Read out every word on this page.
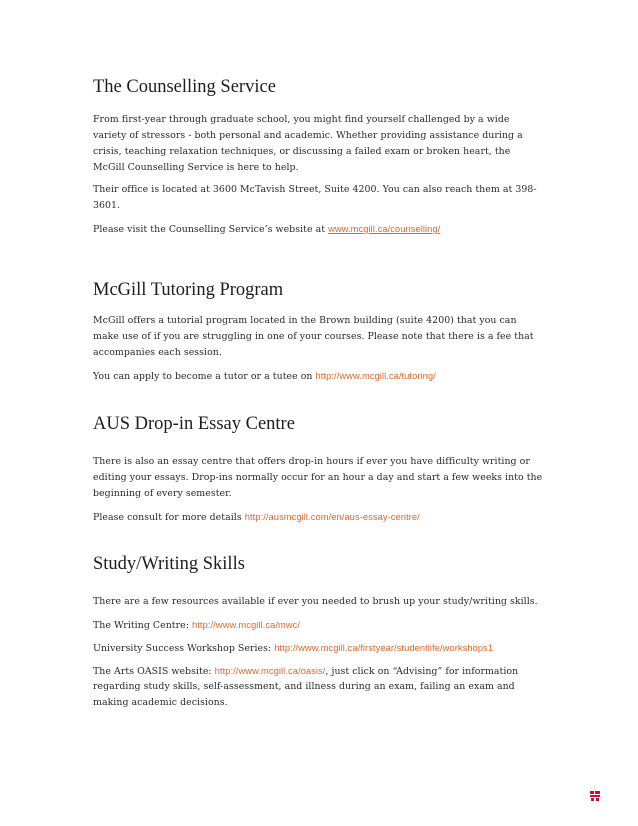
The Counselling Service

From first-year through graduate school, you might find yourself challenged by a wide

variety of stressors - both personal and academic. Whether providing assistance during a

crisis, teaching relaxation techniques, or discussing a failed exam or broken heart, the

McGill Counselling Service is here to help.

Their office is located at 3600 McTavish Street, Suite 4200. You can also reach them at 398-

3601.

Please visit the Counselling Service’s website at www.mcgill.ca/counselling/

McGill Tutoring Program

McGill offers a tutorial program located in the Brown building (suite 4200) that you can

make use of if you are struggling in one of your courses. Please note that there is a fee that

accompanies each session.

You can apply to become a tutor or a tutee on http://www.mcgill.ca/tutoring/

AUS Drop-in Essay Centre

There is also an essay centre that offers drop-in hours if ever you have difficulty writing or

editing your essays. Drop-ins normally occur for an hour a day and start a few weeks into the

beginning of every semester.

Please consult for more details http://ausmcgill.com/en/aus-essay-centre/

Study/Writing Skills

There are a few resources available if ever you needed to brush up your study/writing skills.

The Writing Centre: http://www.mcgill.ca/mwc/

University Success Workshop Series: http://www.mcgill.ca/firstyear/studentlife/workshops1

The Arts OASIS website: http://www.mcgill.ca/oasis/, just click on “Advising” for information

regarding study skills, self-assessment, and illness during an exam, failing an exam and

making academic decisions.
